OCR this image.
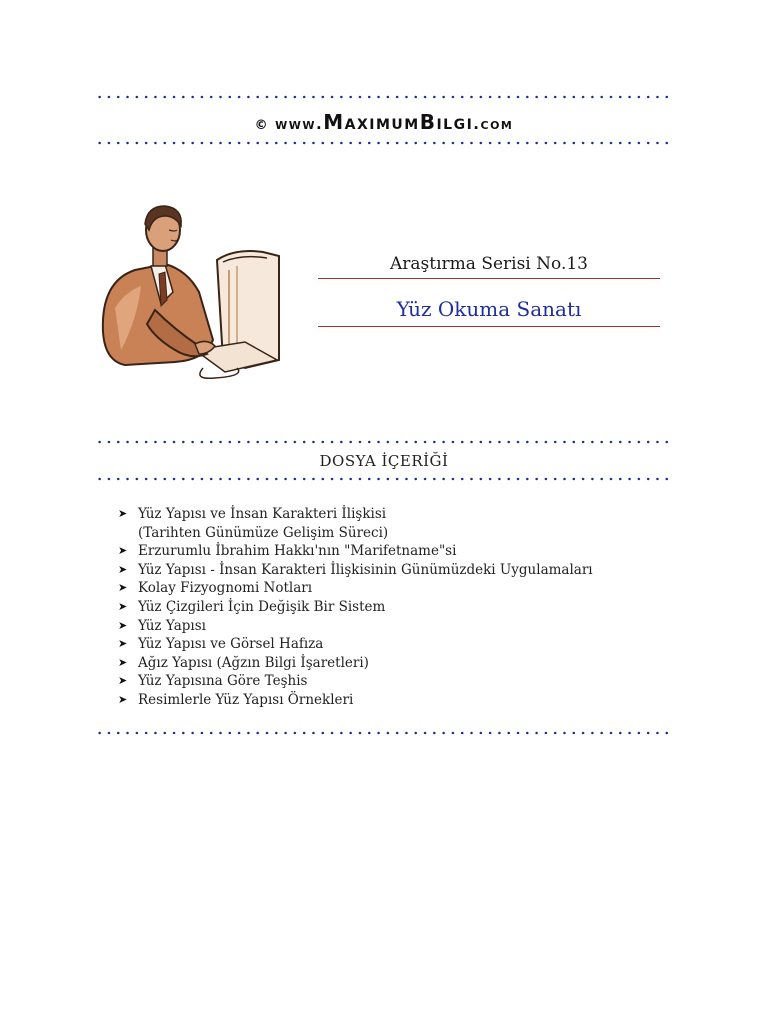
© www.MaximumBilgi.com
Araştırma Serisi No.13
Yüz Okuma Sanatı
DOSYA İÇERİĞİ
➤ Yüz Yapısı ve İnsan Karakteri İlişkisi
(Tarihten Günümüze Gelişim Süreci)
➤ Erzurumlu İbrahim Hakkı'nın "Marifetname"si
➤ Yüz Yapısı - İnsan Karakteri İlişkisinin Günümüzdeki Uygulamaları
➤ Kolay Fizyognomi Notları
➤ Yüz Çizgileri İçin Değişik Bir Sistem
➤ Yüz Yapısı
➤ Yüz Yapısı ve Görsel Hafıza
➤ Ağız Yapısı (Ağzın Bilgi İşaretleri)
➤ Yüz Yapısına Göre Teşhis
➤ Resimlerle Yüz Yapısı Örnekleri
